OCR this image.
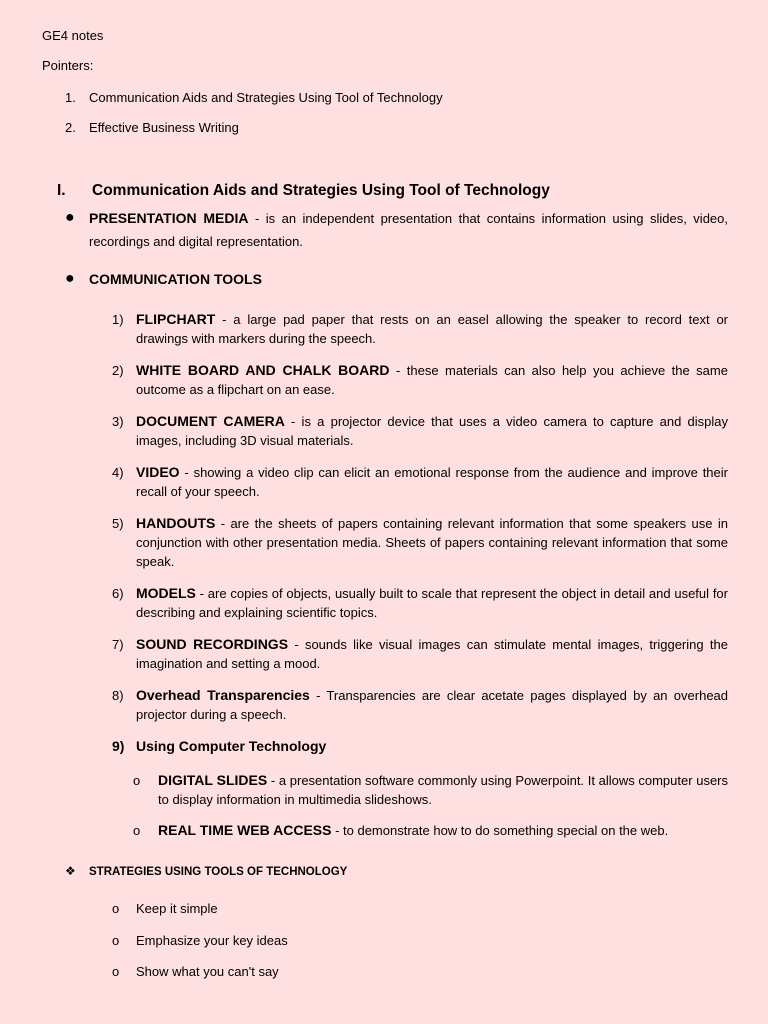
GE4 notes
Pointers:
1. Communication Aids and Strategies Using Tool of Technology
2. Effective Business Writing
I. Communication Aids and Strategies Using Tool of Technology
●	PRESENTATION MEDIA - is an independent presentation that contains information using slides, video, recordings and digital representation.
●	COMMUNICATION TOOLS
1) FLIPCHART - a large pad paper that rests on an easel allowing the speaker to record text or drawings with markers during the speech.
2) WHITE BOARD AND CHALK BOARD - these materials can also help you achieve the same outcome as a flipchart on an ease.
3) DOCUMENT CAMERA - is a projector device that uses a video camera to capture and display images, including 3D visual materials.
4) VIDEO - showing a video clip can elicit an emotional response from the audience and improve their recall of your speech.
5) HANDOUTS - are the sheets of papers containing relevant information that some speakers use in conjunction with other presentation media. Sheets of papers containing relevant information that some speak.
6) MODELS - are copies of objects, usually built to scale that represent the object in detail and useful for describing and explaining scientific topics.
7) SOUND RECORDINGS - sounds like visual images can stimulate mental images, triggering the imagination and setting a mood.
8) Overhead Transparencies - Transparencies are clear acetate pages displayed by an overhead projector during a speech.
9) Using Computer Technology
o	DIGITAL SLIDES - a presentation software commonly using Powerpoint. It allows computer users to display information in multimedia slideshows.
o	REAL TIME WEB ACCESS - to demonstrate how to do something special on the web.
❖ STRATEGIES USING TOOLS OF TECHNOLOGY
o Keep it simple
o Emphasize your key ideas
o Show what you can't say
